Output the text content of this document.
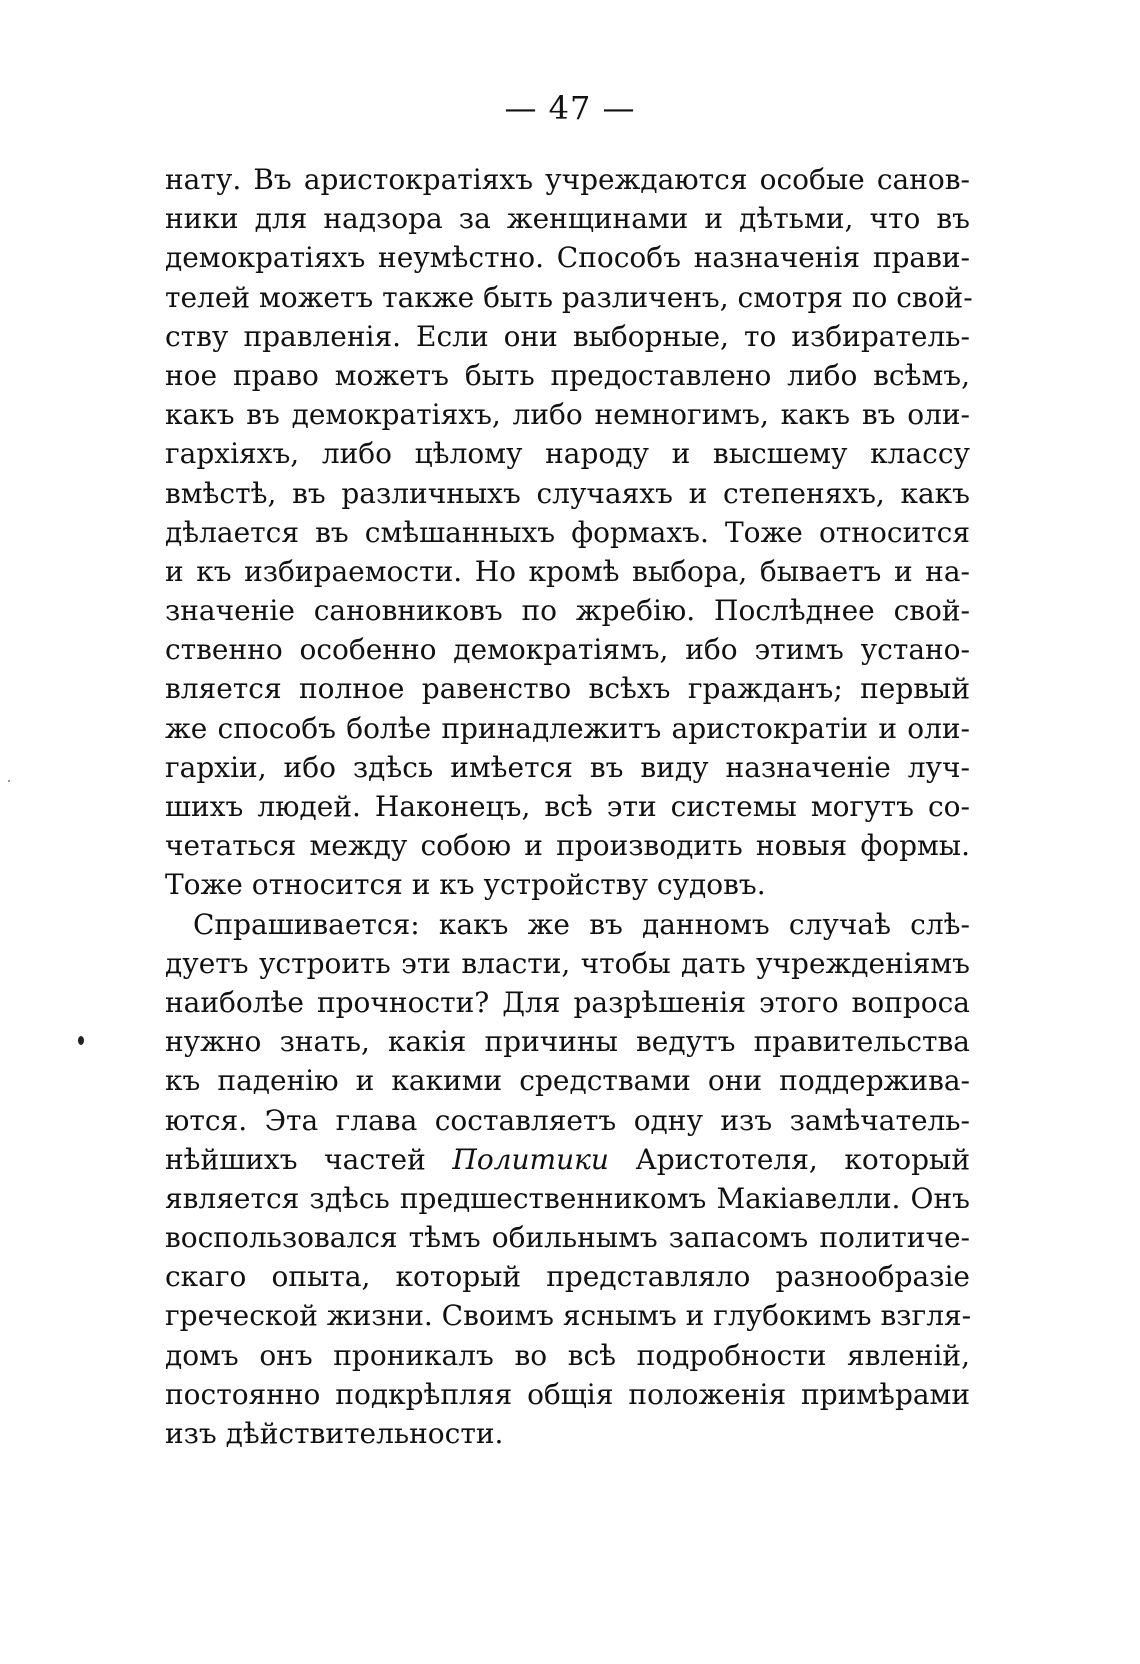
— 47 —
нату. Въ аристократіяхъ учреждаются особые санов-
ники для надзора за женщинами и дѣтьми, что въ
демократіяхъ неумѣстно. Способъ назначенія прави-
телей можетъ также быть различенъ, смотря по свой-
ству правленія. Если они выборные, то избиратель-
ное право можетъ быть предоставлено либо всѣмъ,
какъ въ демократіяхъ, либо немногимъ, какъ въ оли-
гархіяхъ, либо цѣлому народу и высшему классу
вмѣстѣ, въ различныхъ случаяхъ и степеняхъ, какъ
дѣлается въ смѣшанныхъ формахъ. Тоже относится
и къ избираемости. Но кромѣ выбора, бываетъ и на-
значеніе сановниковъ по жребію. Послѣднее свой-
ственно особенно демократіямъ, ибо этимъ устано-
вляется полное равенство всѣхъ гражданъ; первый
же способъ болѣе принадлежитъ аристократіи и оли-
гархіи, ибо здѣсь имѣется въ виду назначеніе луч-
шихъ людей. Наконецъ, всѣ эти системы могутъ со-
четаться между собою и производить новыя формы.
Тоже относится и къ устройству судовъ.
Спрашивается: какъ же въ данномъ случаѣ слѣ-
дуетъ устроить эти власти, чтобы дать учрежденіямъ
наиболѣе прочности? Для разрѣшенія этого вопроса
нужно знать, какія причины ведутъ правительства
къ паденію и какими средствами они поддержива-
ются. Эта глава составляетъ одну изъ замѣчатель-
нѣйшихъ частей Политики Аристотеля, который
является здѣсь предшественникомъ Макіавелли. Онъ
воспользовался тѣмъ обильнымъ запасомъ политиче-
скаго опыта, который представляло разнообразіе
греческой жизни. Своимъ яснымъ и глубокимъ взгля-
домъ онъ проникалъ во всѣ подробности явленій,
постоянно подкрѣпляя общія положенія примѣрами
изъ дѣйствительности.
